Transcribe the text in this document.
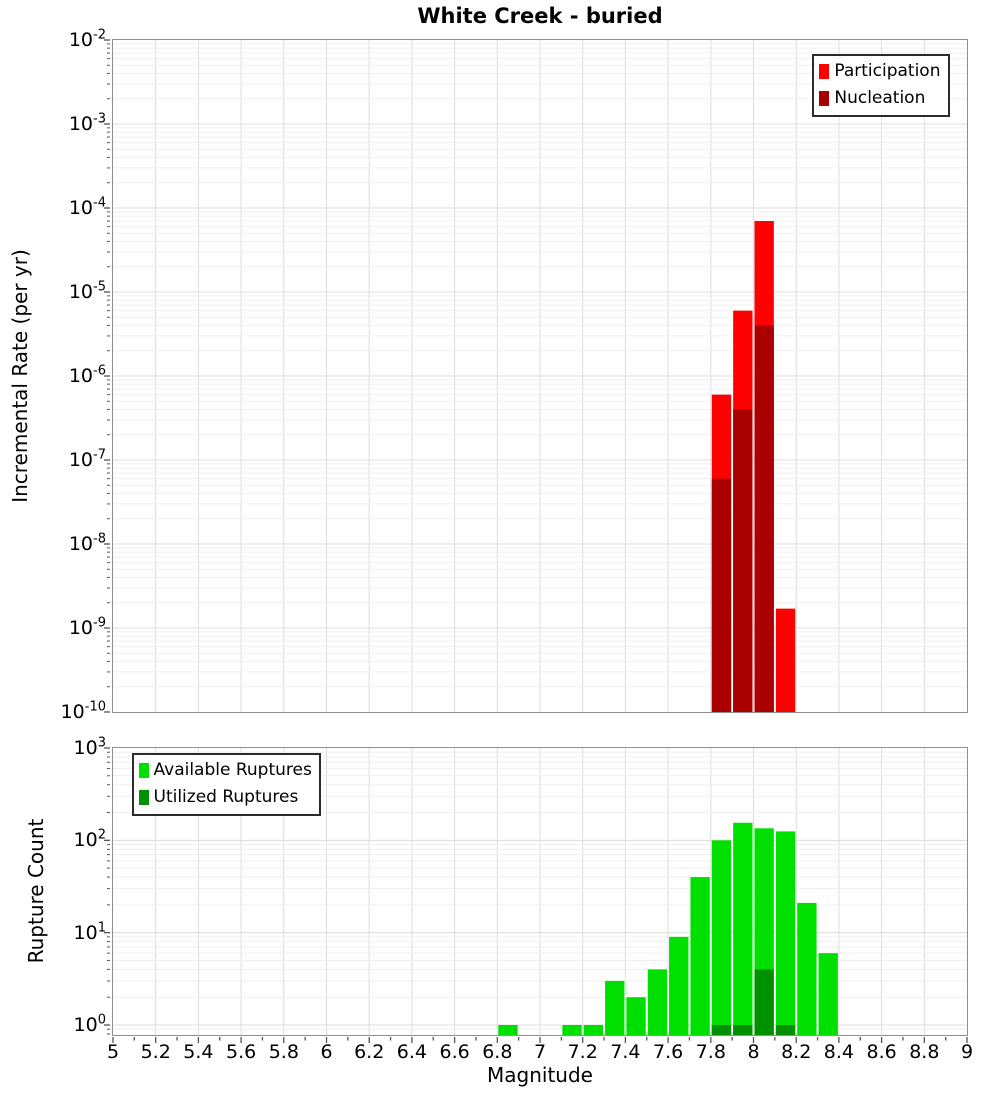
White Creek - buried
Incremental Rate (per yr)
Rupture Count
Magnitude
Participation
Nucleation
Available Ruptures
Utilized Ruptures
$10^{-2}$
$10^{-3}$
$10^{-4}$
$10^{-5}$
$10^{-6}$
$10^{-7}$
$10^{-8}$
$10^{-9}$
$10^{-10}$
$10^3$
$10^2$
$10^1$
$10^0$
5	5.2 5.4 5.6 5.8	6	6.2 6.4 6.6 6.8	7	7.2 7.4 7.6 7.8	8	8.2 8.4 8.6 8.8	9
